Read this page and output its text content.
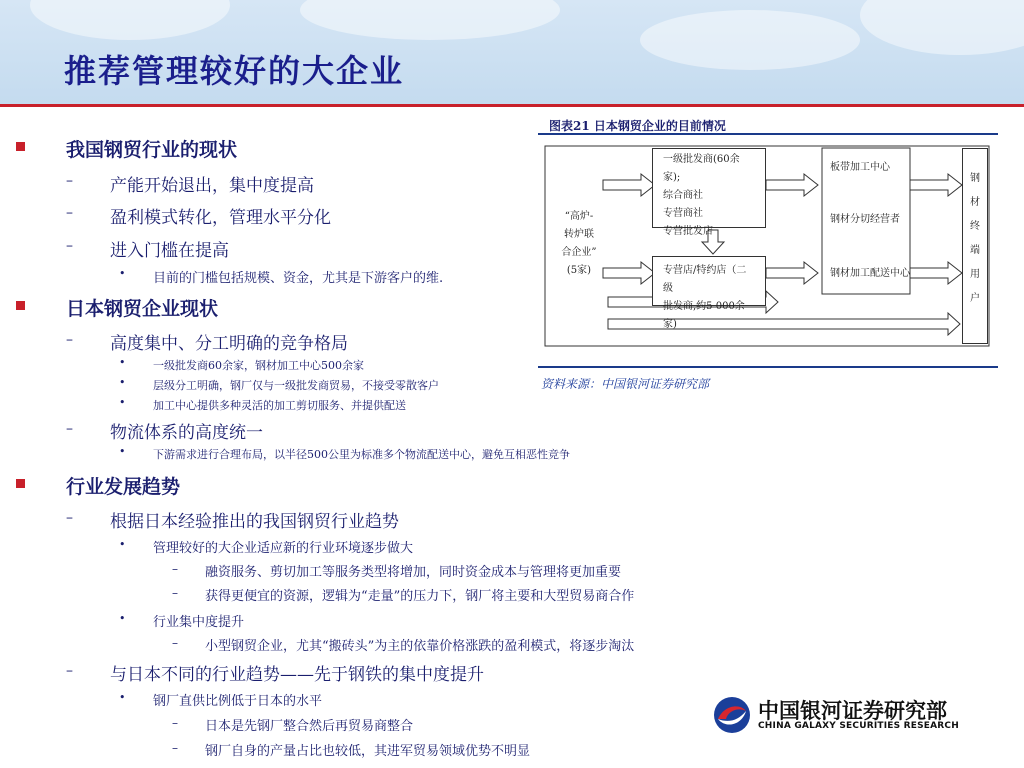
推荐管理较好的大企业
我国钢贸行业的现状
– 产能开始退出，集中度提高
– 盈利模式转化，管理水平分化
– 进入门槛在提高
• 目前的门槛包括规模、资金，尤其是下游客户的维.
日本钢贸企业现状
– 高度集中、分工明确的竞争格局
•	一级批发商60余家，钢材加工中心500余家
•	层级分工明确，钢厂仅与一级批发商贸易，不接受零散客户
•	加工中心提供多种灵活的加工剪切服务、并提供配送
– 物流体系的高度统一
•	下游需求进行合理布局，以半径500公里为标准多个物流配送中心，避免互相恶性竞争
行业发展趋势
– 根据日本经验推出的我国钢贸行业趋势
• 管理较好的大企业适应新的行业环境逐步做大
– 融资服务、剪切加工等服务类型将增加，同时资金成本与管理将更加重要
– 获得更便宜的资源，逻辑为“走量”的压力下，钢厂将主要和大型贸易商合作
• 行业集中度提升
– 小型钢贸企业，尤其“搬砖头”为主的依靠价格涨跌的盈利模式，将逐步淘汰
– 与日本不同的行业趋势——先于钢铁的集中度提升
• 钢厂直供比例低于日本的水平
– 日本是先钢厂整合然后再贸易商整合
– 钢厂自身的产量占比也较低，其进军贸易领域优势不明显
图表21 日本钢贸企业的目前情况
“高炉-
转炉联
合企业”
(5家)
一级批发商(60余家);
综合商社
专营商社
专营批发店
专营店/特约店（二级
批发商,约5 000余家)
板带加工中心
钢材分切经营者
钢材加工配送中心
钢
材
终
端
用
户
资料来源：中国银河证券研究部
中国银河证券研究部
CHINA GALAXY SECURITIES RESEARCH
